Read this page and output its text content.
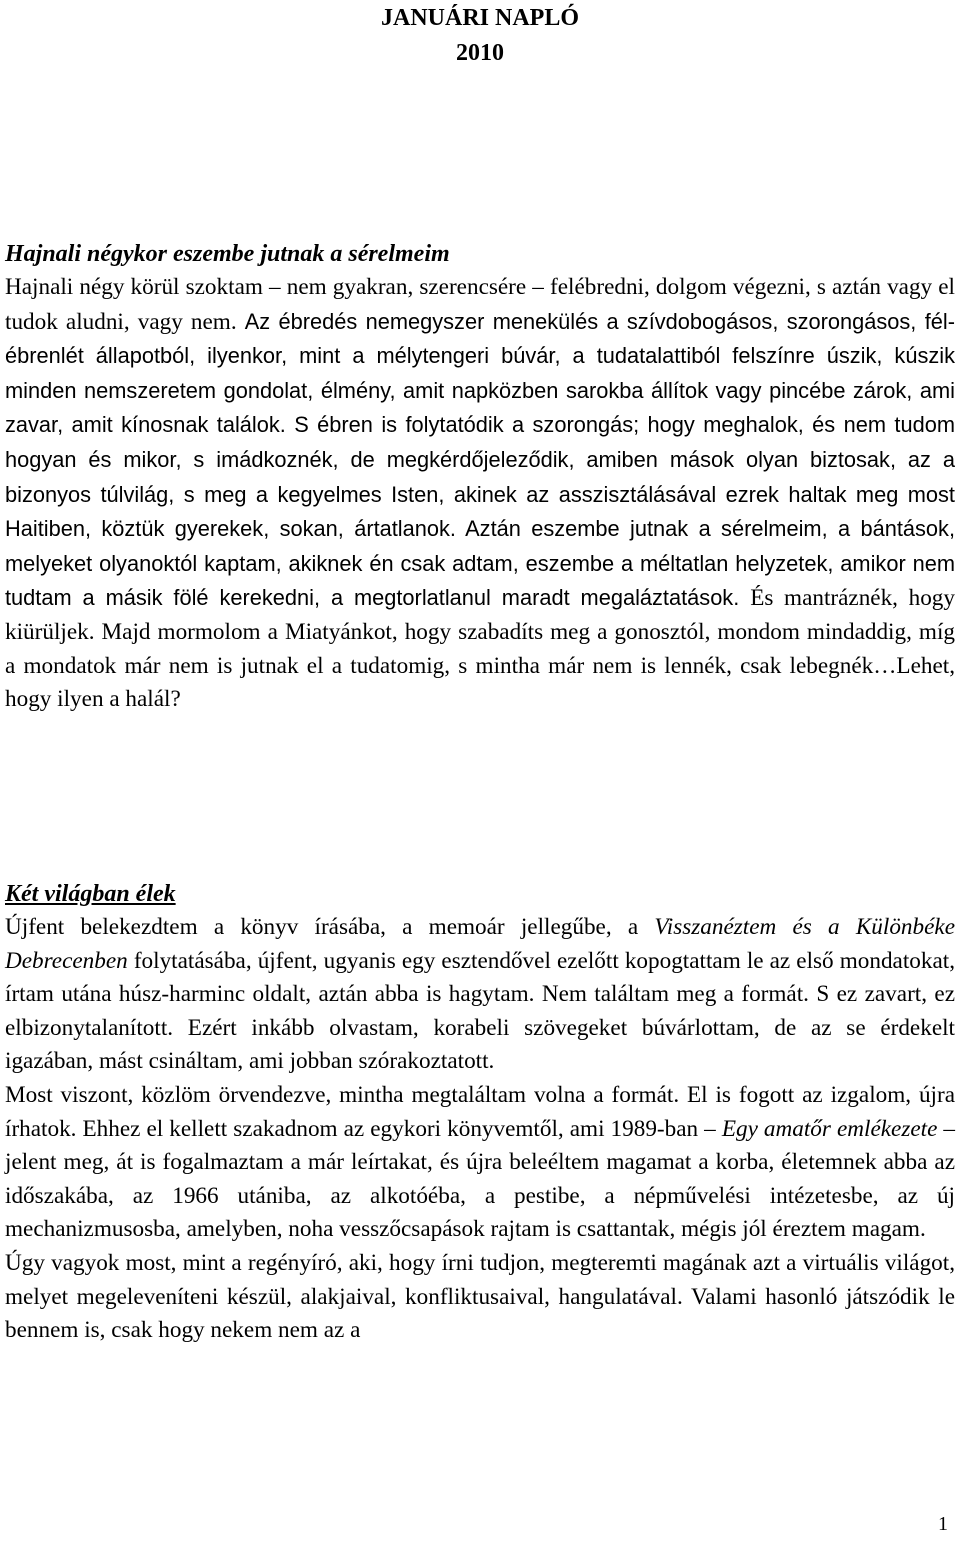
JANUÁRI NAPLÓ
2010
Hajnali négykor eszembe jutnak a sérelmeim

Hajnali négy körül szoktam – nem gyakran, szerencsére – felébredni, dolgom végezni, s aztán vagy el tudok aludni, vagy nem. Az ébredés nemegyszer menekülés a szívdobogásos, szorongásos, fél-ébrenlét állapotból, ilyenkor, mint a mélytengeri búvár, a tudatalattiból felszínre úszik, kúszik minden nemszeretem gondolat, élmény, amit napközben sarokba állítok vagy pincébe zárok, ami zavar, amit kínosnak találok. S ébren is folytatódik a szorongás; hogy meghalok, és nem tudom hogyan és mikor, s imádkoznék, de megkérdőjeleződik, amiben mások olyan biztosak, az a bizonyos túlvilág, s meg a kegyelmes Isten, akinek az asszisztálásával ezrek haltak meg most Haitiben, köztük gyerekek, sokan, ártatlanok. Aztán eszembe jutnak a sérelmeim, a bántások, melyeket olyanoktól kaptam, akiknek én csak adtam, eszembe a méltatlan helyzetek, amikor nem tudtam a másik fölé kerekedni, a megtorlatlanul maradt megaláztatások. És mantráznék, hogy kiürüljek. Majd mormolom a Miatyánkot, hogy szabadíts meg a gonosztól, mondom mindaddig, míg a mondatok már nem is jutnak el a tudatomig, s mintha már nem is lennék, csak lebegnék…Lehet, hogy ilyen a halál?

Két világban élek

Újfent belekezdtem a könyv írásába, a memoár jellegűbe, a Visszanéztem és a Különbéke Debrecenben folytatásába, újfent, ugyanis egy esztendővel ezelőtt kopogtattam le az első mondatokat, írtam utána húsz-harminc oldalt, aztán abba is hagytam. Nem találtam meg a formát. S ez zavart, ez elbizonytalanított. Ezért inkább olvastam, korabeli szövegeket búvárlottam, de az se érdekelt igazában, mást csináltam, ami jobban szórakoztatott.

Most viszont, közlöm örvendezve, mintha megtaláltam volna a formát. El is fogott az izgalom, újra írhatok. Ehhez el kellett szakadnom az egykori könyvemtől, ami 1989-ban – Egy amatőr emlékezete – jelent meg, át is fogalmaztam a már leírtakat, és újra beleéltem magamat a korba, életemnek abba az időszakába, az 1966 utániba, az alkotóéba, a pestibe, a népművelési intézetesbe, az új mechanizmusosba, amelyben, noha vesszőcsapások rajtam is csattantak, mégis jól éreztem magam.

Úgy vagyok most, mint a regényíró, aki, hogy írni tudjon, megteremti magának azt a virtuális világot, melyet megeleveníteni készül, alakjaival, konfliktusaival, hangulatával. Valami hasonló játszódik le bennem is, csak hogy nekem nem az a

1
